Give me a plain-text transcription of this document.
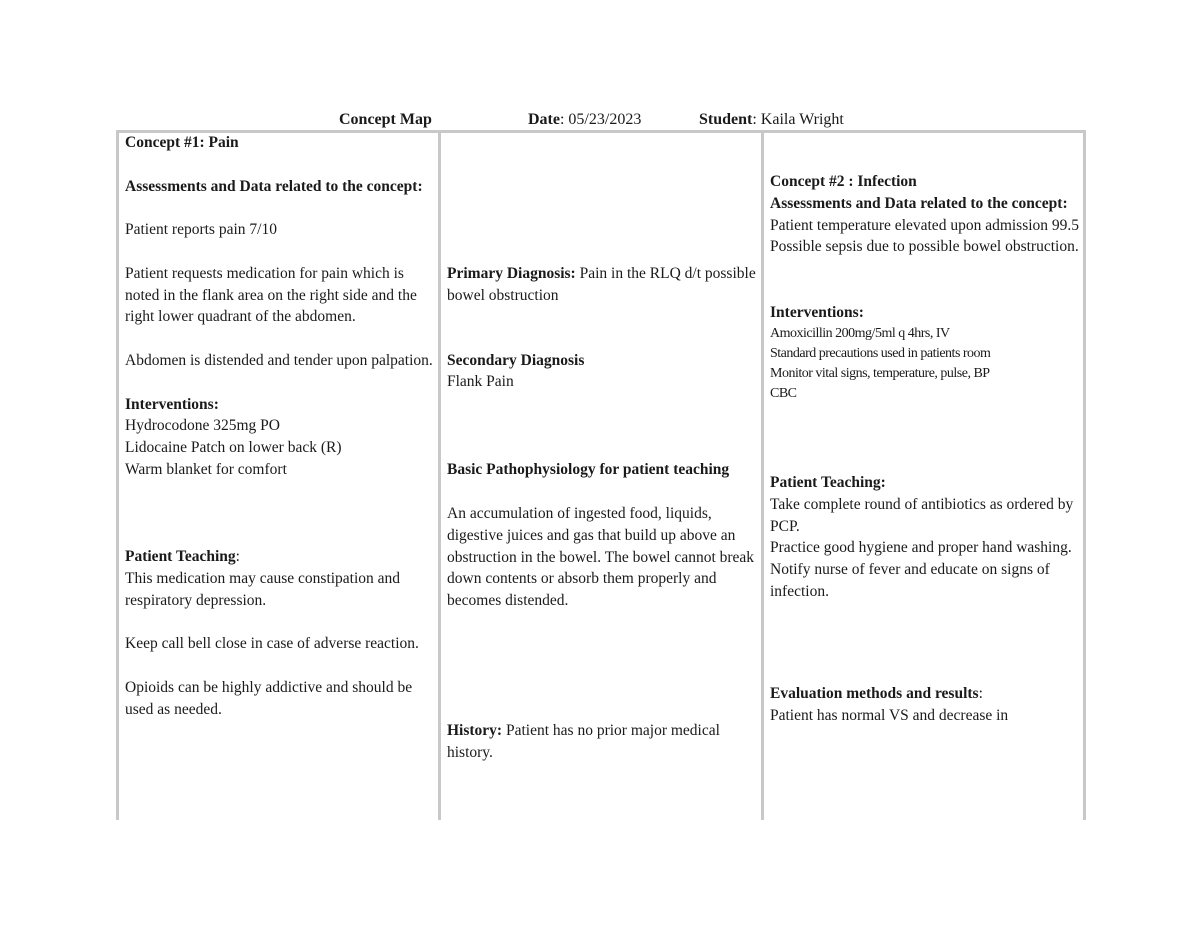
Concept Map	Date: 05/23/2023	Student: Kaila Wright

Concept #1: Pain

Assessments and Data related to the concept:

Patient reports pain 7/10

Patient requests medication for pain which is noted in the flank area on the right side and the right lower quadrant of the abdomen.

Abdomen is distended and tender upon palpation.

Interventions:

Hydrocodone 325mg PO

Lidocaine Patch on lower back (R)

Warm blanket for comfort

Patient Teaching:

This medication may cause constipation and respiratory depression.

Keep call bell close in case of adverse reaction.

Opioids can be highly addictive and should be used as needed.

Primary Diagnosis: Pain in the RLQ d/t possible bowel obstruction

Secondary Diagnosis

Flank Pain

Basic Pathophysiology for patient teaching

An accumulation of ingested food, liquids, digestive juices and gas that build up above an obstruction in the bowel. The bowel cannot break down contents or absorb them properly and becomes distended.

History: Patient has no prior major medical history.

Concept #2 : Infection

Assessments and Data related to the concept:

Patient temperature elevated upon admission 99.5

Possible sepsis due to possible bowel obstruction.

Interventions:

Amoxicillin 200mg/5ml q 4hrs, IV

Standard precautions used in patients room

Monitor vital signs, temperature, pulse, BP

CBC

Patient Teaching:

Take complete round of antibiotics as ordered by PCP.

Practice good hygiene and proper hand washing.

Notify nurse of fever and educate on signs of infection.

Evaluation methods and results:

Patient has normal VS and decrease in
